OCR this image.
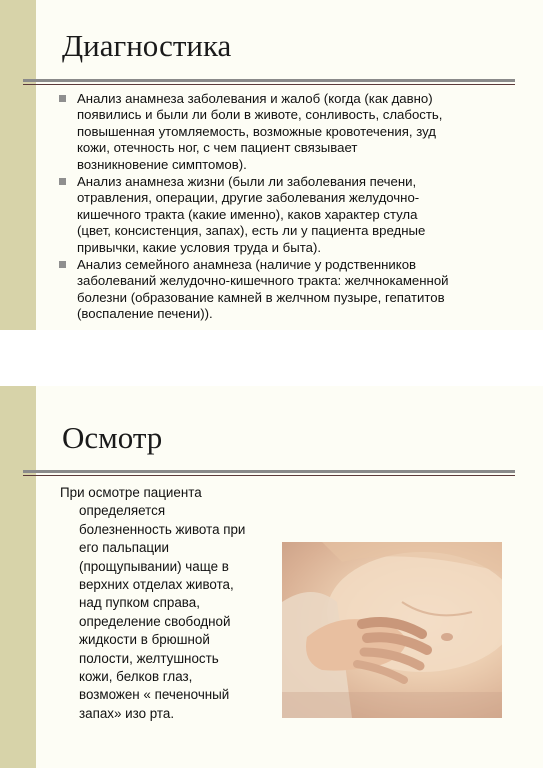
Диагностика
Анализ анамнеза заболевания и жалоб (когда (как давно)
появились и были ли боли в животе, сонливость, слабость,
повышенная утомляемость, возможные кровотечения, зуд
кожи, отечность ног, с чем пациент связывает
возникновение симптомов).
Анализ анамнеза жизни (были ли заболевания печени,
отравления, операции, другие заболевания желудочно-
кишечного тракта (какие именно), каков характер стула
(цвет, консистенция, запах), есть ли у пациента вредные
привычки, какие условия труда и быта).
Анализ семейного анамнеза (наличие у родственников
заболеваний желудочно-кишечного тракта: желчнокаменной
болезни (образование камней в желчном пузыре, гепатитов
(воспаление печени)).
Осмотр
При осмотре пациента
определяется
болезненность живота при
его пальпации
(прощупывании) чаще в
верхних отделах живота,
над пупком справа,
определение свободной
жидкости в брюшной
полости, желтушность
кожи, белков глаз,
возможен « печеночный
запах» изо рта.
